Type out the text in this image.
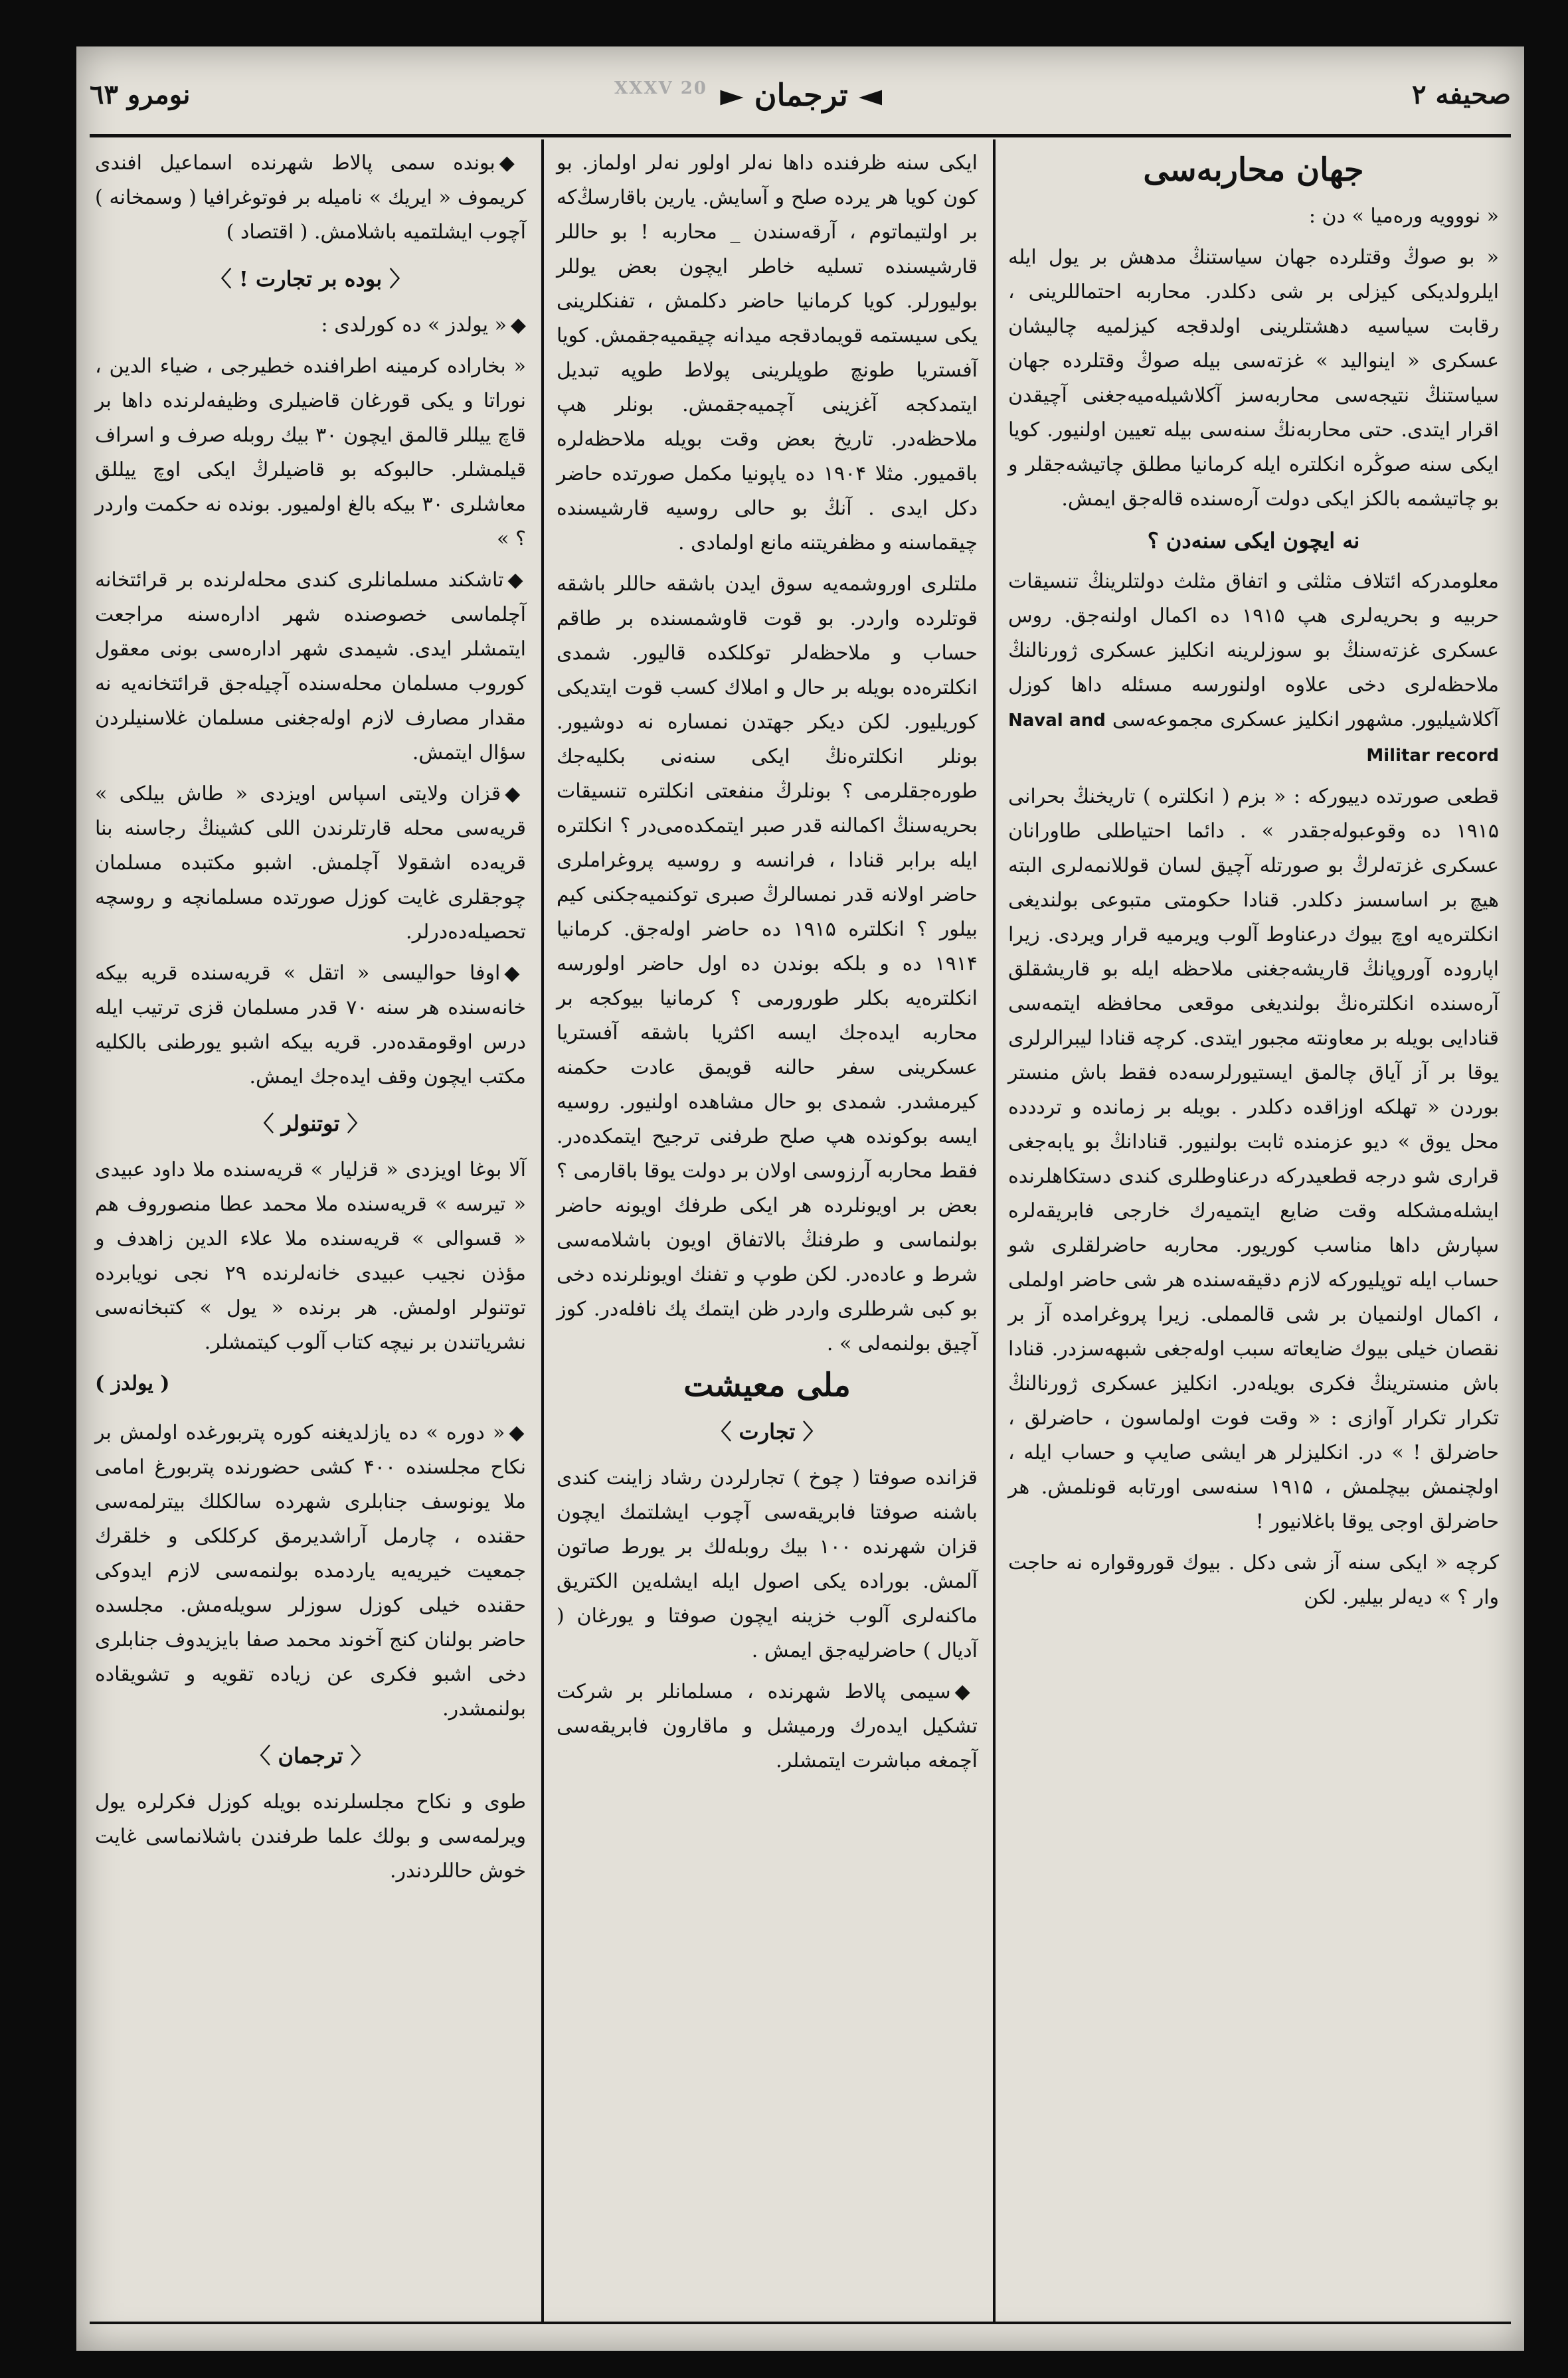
صحیفه ۲
◄ ترجمان ►
نومرو ٦٣	XXXV 20
جهان محاربه‌سی

« نووویه وره‌میا » دن :

« بو صوڭ وقتلرده جهان سیاستنڭ مدهش بر یول ایله ایلرولدیکی کیزلی بر شی دکلدر. محاربه احتماللرینی ، رقابت سیاسیه دهشتلرینی اولدقجه کیزلمیه چالیشان عسکری « اینوالید » غزته‌سی بیله صوڭ وقتلرده جهان سیاستنڭ نتیجه‌سی محاربه‌سز آکلاشیله‌میه‌جغنی آچیقدن اقرار ایتدی. حتی محاربه‌نڭ سنه‌سی بیله تعیین اولنیور. کویا ایکی سنه صوڭره انکلتره ایله کرمانیا مطلق چاتیشه‌جقلر و بو چاتیشمه بالکز ایکی دولت آره‌سنده قاله‌جق ایمش.

نه ایچون ایکی سنه‌دن ؟

معلومدرکه ائتلاف مثلثی و اتفاق مثلث دولتلرینڭ تنسیقات حربیه و بحریه‌لری هپ ۱۹۱۵ ده اکمال اولنه‌جق. روس عسکری غزته‌سنڭ بو سوزلرینه انکلیز عسکری ژورنالنڭ ملاحظه‌لری دخی علاوه اولنورسه مسئله داها کوزل آکلاشیلیور. مشهور انکلیز عسکری مجموعه‌سی Naval and Militar record

قطعی صورتده دییورکه : « بزم ( انکلتره ) تاریخنڭ بحرانی ۱۹۱۵ ده وقوعبوله‌جقدر » . دائما احتیاطلی طاورانان عسکری غزته‌لرڭ بو صورتله آچیق لسان قوللانمه‌لری البته هیچ بر اساسسز دکلدر. قنادا حکومتی متبوعی بولندیغی انکلتره‌یه اوچ بیوك درعناوط آلوب ویرمیه قرار ویردی. زیرا اپاروده آوروپانڭ قاریشه‌جغنی ملاحظه ایله بو قاریشقلق آره‌سنده انکلتره‌نڭ بولندیغی موقعی محافظه ایتمه‌سی قنادایی بویله بر معاونته مجبور ایتدی. کرچه قنادا لیبرالرلری یوقا بر آز آیاق چالمق ایستیورلرسه‌ده فقط باش منستر بوردن « تهلکه اوزاقده دکلدر . بویله بر زمانده و ترددده محل یوق » دیو عزمنده ثابت بولنیور. قنادانڭ بو یابه‌جغی قراری شو درجه قطعیدرکه درعناوطلری کندی دستکاهلرنده ایشله‌مشکله وقت ضایع ایتمیه‌رك خارجی فابریقه‌لره سپارش داها مناسب کوریور. محاربه حاضرلقلری شو حساب ایله توپلیورکه لازم دقیقه‌سنده هر شی حاضر اولملی ، اکمال او‌لنمیان بر شی قالمملی. زیرا پروغرامده آز بر نقصان خیلی بیوك ضایعاته سبب اوله‌جغی شبهه‌سزدر. قنادا باش منسترینڭ فکری بویله‌در. انکلیز عسکری ژورنالنڭ تکرار تکرار آوازی : « وقت فوت اولماسون ، حاضرلق ، حاضرلق ! » در. انکلیزلر هر ایشی صایپ و حساب ایله ، اولچنمش بیچلمش ، ۱۹۱۵ سنه‌سی اورتابه قونلمش. هر حاضرلق اوجی یوقا باغلانیور !

کرچه « ایکی سنه آز شی دکل . بیوك قوروقواره نه حاجت وار ؟ » دیه‌لر بیلیر. لکن

ایکی سنه ظرفنده داها نه‌لر اولور نه‌لر اولماز. بو کون کویا هر یرده صلح و آسایش. یارین باقارسڭ‌که بر اولتیماتوم ، آرقه‌سندن _ محاربه ! بو حاللر قارشیسنده تسلیه خاطر ایچون بعض یوللر بولیورلر. کویا کرمانیا حاضر دکلمش ، تفنکلرینی یکی سیستمه قویمادقجه میدانه چیقمیه‌جقمش. کویا آفستریا طونچ طوپلرینی پولاط طوپه تبدیل ایتمدکجه آغزینی آچمیه‌جقمش. بونلر هپ ملاحظه‌در. تاریخ بعض وقت بویله ملاحظه‌لره باقمیور. مثلا ۱۹۰۴ ده یاپونیا مکمل صورتده حاضر دکل ایدی . آنڭ بو حالی روسیه قارشیسنده چیقماسنه و مظفریتنه مانع اولمادی .

ملتلری اوروشمه‌یه سوق ایدن باشقه حاللر باشقه قوتلرده واردر. بو قوت قاوشمسنده بر طاقم حساب و ملاحظه‌لر توکلکده قالیور. شمدی انکلتره‌ده بویله بر حال و املاك کسب قوت ایتدیکی کوریلیور. لکن دیکر جهتدن نمساره نه دوشیور. بونلر انکلتره‌نڭ ایکی سنه‌نی بکلیه‌جك طوره‌جقلرمی ؟ بونلرڭ منفعتی انکلتره تنسیقات بحریه‌سنڭ اکمالنه قدر صبر ایتمکده‌می‌در ؟ انکلتره ایله برابر قنادا ، فرانسه و روسیه پروغراملری حاضر اولانه قدر نمسالرڭ صبری توکنمیه‌جکنی کیم بیلور ؟ انکلتره ۱۹۱۵ ده حاضر اوله‌جق. کرمانیا ۱۹۱۴ ده و بلکه بوندن ده اول حاضر اولورسه انکلتره‌یه بکلر طورورمی ؟ کرمانیا بیوکجه بر محاربه ایده‌جك ایسه اکثریا باشقه آفستریا عسکرینی سفر حالنه قویمق عادت حکمنه کیرمشدر. شمدی بو حال مشاهده اولنیور. روسیه ایسه بوکونده هپ صلح طرفنی ترجیح ایتمکده‌در. فقط محاربه آرزوسی اولان بر دولت یوقا باقارمی ؟ بعض بر اویونلرده هر ایکی طرفك اویونه حاضر بولنماسی و طرفنڭ بالاتفاق اویون باشلامه‌سی شرط و عاده‌در. لکن طوپ و تفنك اویونلرنده دخی بو کبی شرطلری واردر ظن ایتمك پك نافله‌در. کوز آچیق بولنمه‌لی » .

ملی معیشت
〈 تجارت 〉

قزانده صوفتا ( چوخ ) تجارلردن رشاد زاینت کندی باشنه صوفتا فابریقه‌سی آچوب ایشلتمك ایچون قزان شهرنده ۱۰۰ بیك روبله‌لك بر یورط صاتون آلمش. بوراده یکی اصول ایله ایشله‌ین الکتریق ماکنه‌لری آلوب خزینه ایچون صوفتا و یورغان ( آدیال ) حاضرلیه‌جق ایمش .

◆سیمی پالاط شهرنده ، مسلمانلر بر شرکت تشکیل ایده‌رك ورمیشل و ماقارون فابریقه‌سی آچمغه مباشرت ایتمشلر.

◆بونده سمی پالاط شهرنده اسماعیل افندی کریموف « ایریك » نامیله بر فوتوغرافیا ( وسمخانه ) آچوب ایشلتمیه باشلامش. ( اقتصاد )

〈 بوده بر تجارت ! 〉

◆« یولدز » ده کورلدی :

« بخاراده کرمینه اطرافنده خطیرجی ، ضیاء الدین ، نوراتا و یکی قورغان قاضیلری وظیفه‌لرنده داها بر قاچ ییللر قالمق ایچون ۳۰ بیك روبله صرف و اسراف قیلمشلر. حالبوکه بو قاضیلرڭ ایکی اوچ ییللق معاشلری ۳۰ بیکه بالغ اولمیور. بونده نه حکمت واردر ؟ »

◆تاشکند مسلمانلری کندی محله‌لرنده بر قرائتخانه آچلماسی خصوصنده شهر اداره‌سنه مراجعت ایتمشلر ایدی. شیمدی شهر اداره‌سی بونی معقول کوروب مسلمان محله‌سنده آچیله‌جق قرائتخانه‌یه نه مقدار مصارف لازم اوله‌جغنی مسلمان غلاسنیلردن سؤال ایتمش.

◆قزان ولایتی اسپاس اویزدی « طاش بیلکی » قریه‌سی محله قارتلرندن اللی کشینڭ رجاسنه بنا قریه‌ده اشقولا آچلمش. اشبو مکتبده مسلمان چوجقلری غایت کوزل صورتده مسلمانچه و روسچه تحصیله‌ده‌درلر.

◆اوفا حوالیسی « اتقل » قریه‌سنده قریه بیکه خانه‌سنده هر سنه ۷۰ قدر مسلمان قزی ترتیب ایله درس اوقومقده‌در. قریه بیکه اشبو یورطنی بالکلیه مکتب ایچون وقف ایده‌جك ایمش.

〈 توتنولر 〉

آلا بوغا اویزدی « قزلیار » قریه‌سنده ملا داود عبیدی « تیرسه » قریه‌سنده ملا محمد عطا منصوروف هم « قسوالی » قریه‌سنده ملا علاء الدین زاهدف و مؤذن نجیب عبیدی خانه‌لرنده ۲۹ نجی نویابرده توتنولر اولمش. هر برنده « یول » کتبخانه‌سی نشریاتندن بر نیچه کتاب آلوب کیتمشلر.

( یولدز )

◆« دوره » ده یازلدیغنه کوره پتربورغده اولمش بر نکاح مجلسنده ۴۰۰ کشی حضورنده پتربورغ امامی ملا یونوسف جنابلری شهرده سالکلك بیترلمه‌سی حقنده ، چارمل آراشدیرمق کرکلکی و خلقرك جمعیت خیریه‌یه یاردمده بولنمه‌سی لازم ایدوکی حقنده خیلی کوزل سوزلر سویله‌مش. مجلسده حاضر بولنان کنج آخوند محمد صفا بایزیدوف جنابلری دخی اشبو فکری عن زیاده تقویه و تشویقاده بولنمشدر.

〈 ترجمان 〉

طوی و نکاح مجلسلرنده بویله کوزل فکرلره یول ویرلمه‌سی و بولك علما طرفندن باشلانماسی غایت خوش حاللردندر.
